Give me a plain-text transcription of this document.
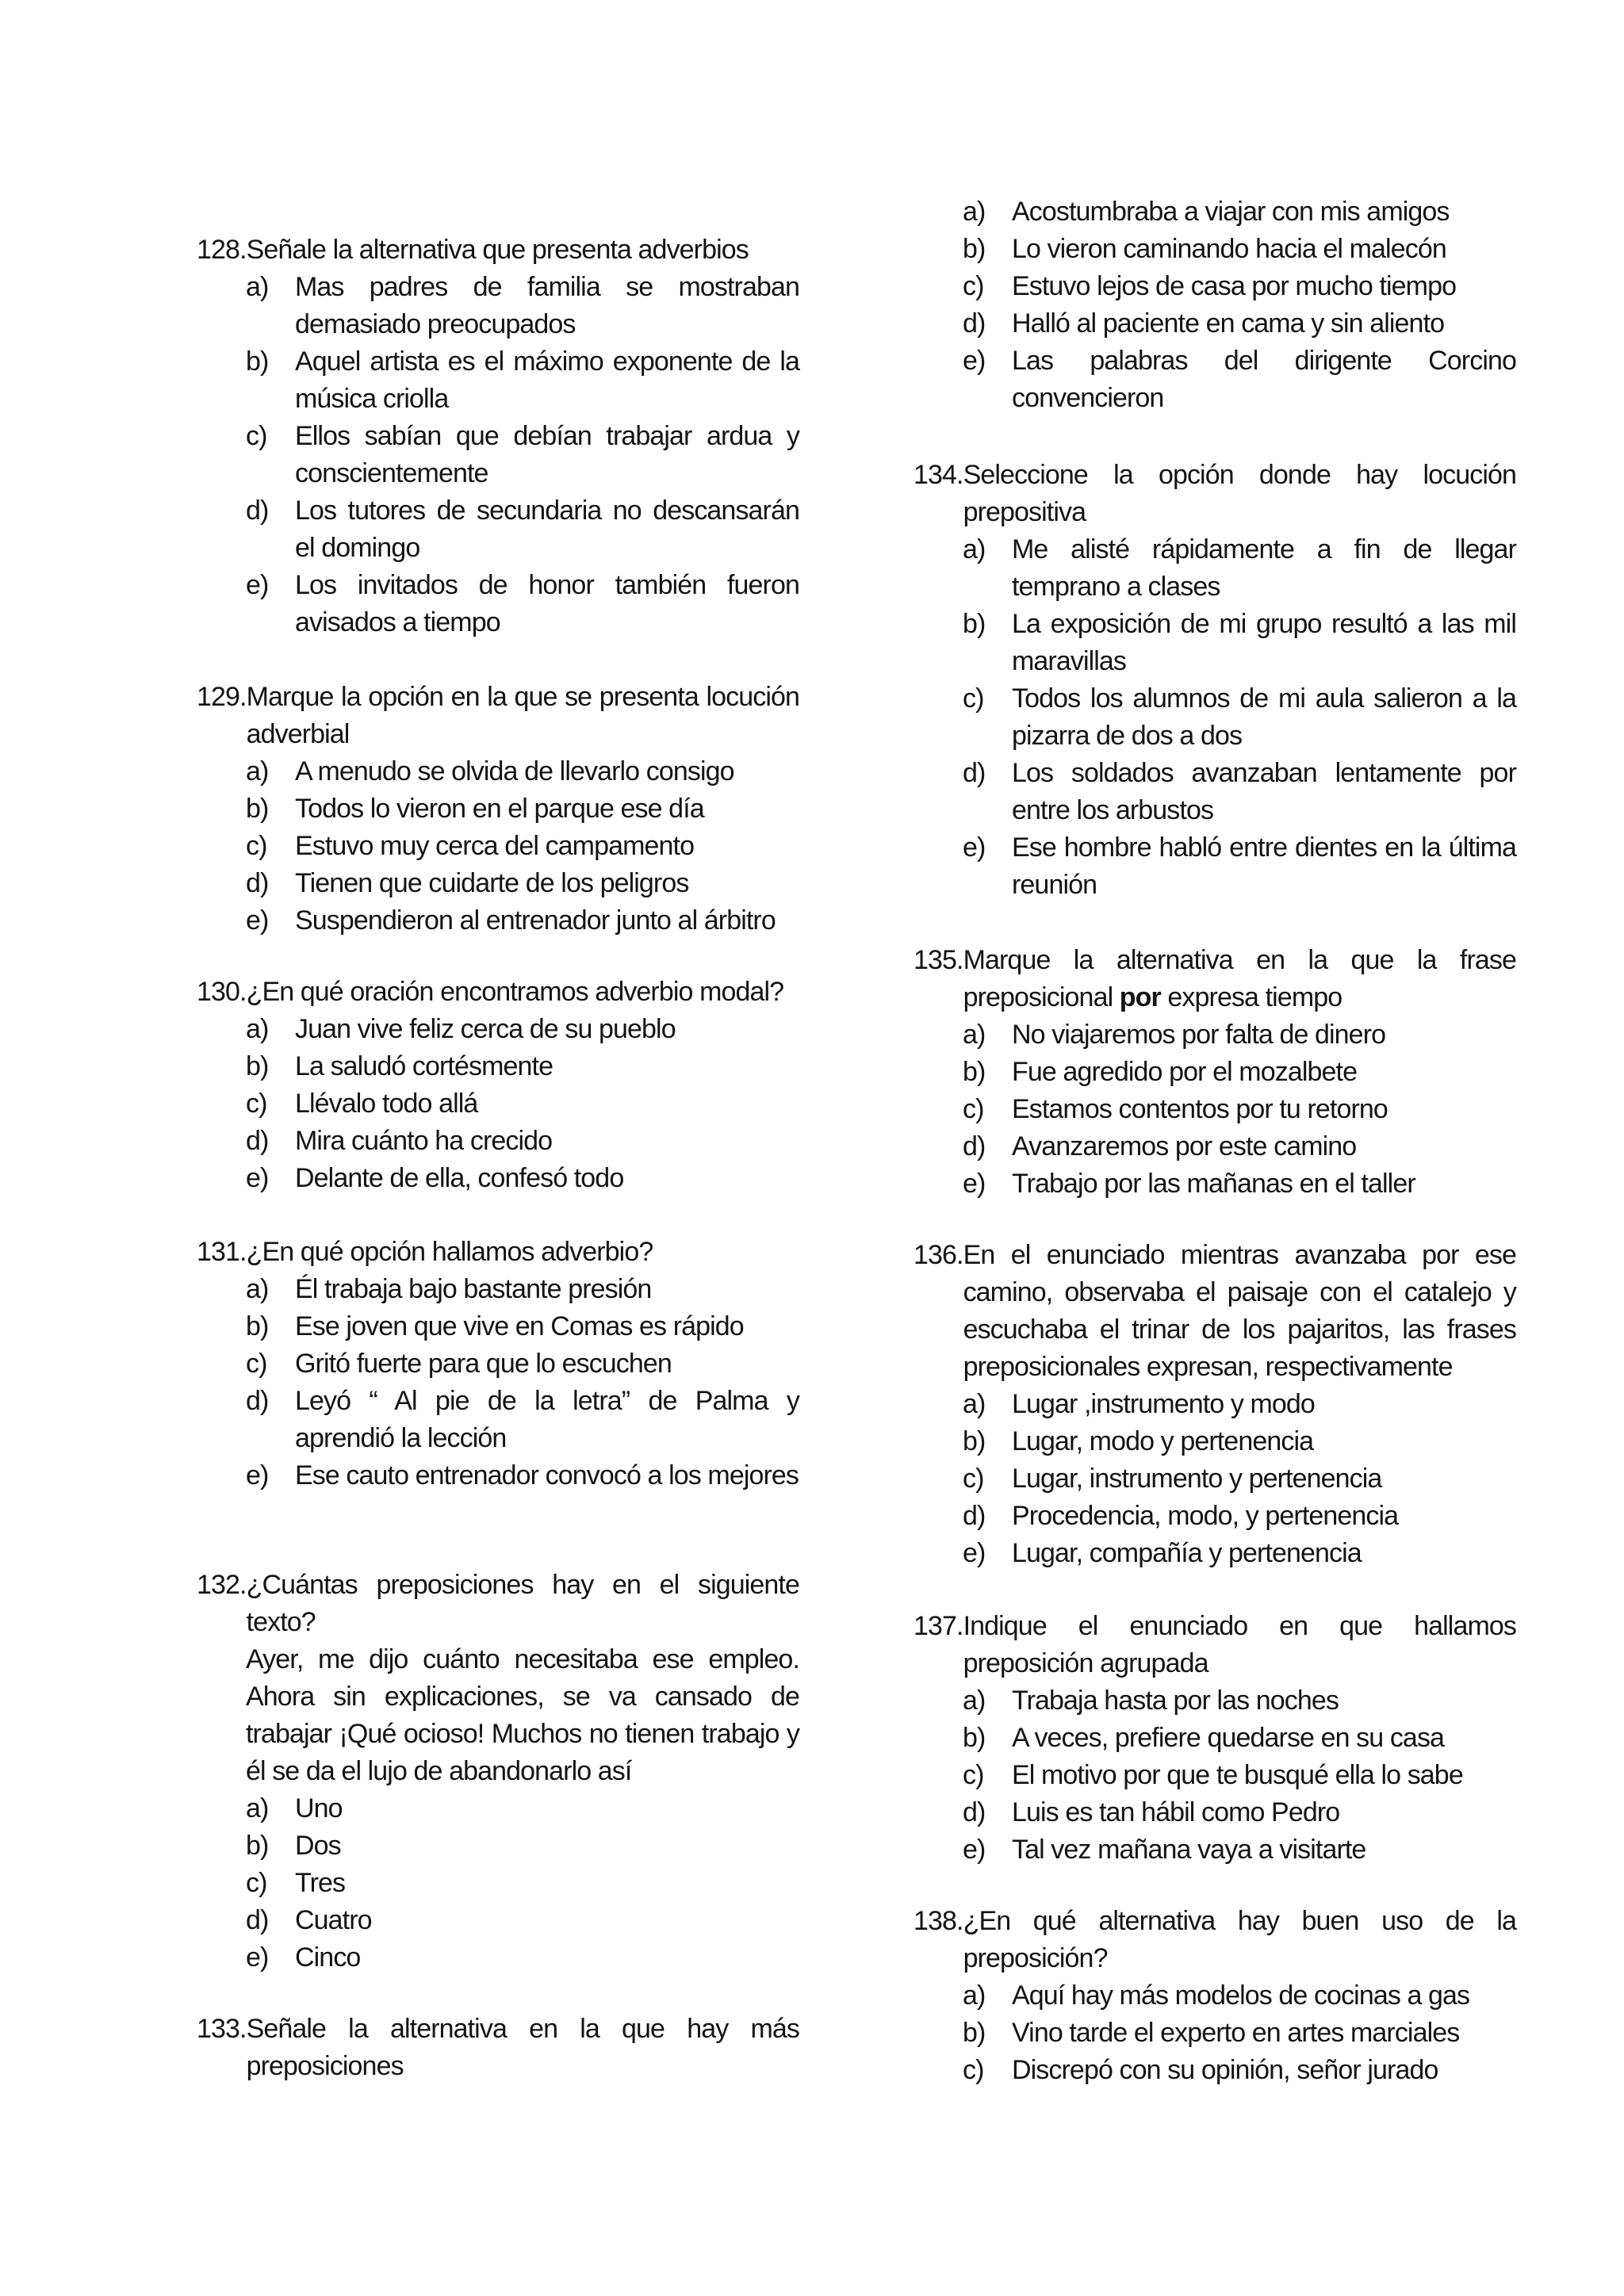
128. Señale la alternativa que presenta adverbios
a) Mas padres de familia se mostraban demasiado preocupados
b) Aquel artista es el máximo exponente de la música criolla
c)	Ellos sabían que debían trabajar ardua y conscientemente
d) Los tutores de secundaria no descansarán el domingo
e) Los invitados de honor también fueron avisados a tiempo
129. Marque la opción en la que se presenta locución adverbial
a) A menudo se olvida de llevarlo consigo
b) Todos lo vieron en el parque ese día
c)	Estuvo muy cerca del campamento
d) Tienen que cuidarte de los peligros
e) Suspendieron al entrenador junto al árbitro
130. ¿En qué oración encontramos adverbio modal?
a) Juan vive feliz cerca de su pueblo
b) La saludó cortésmente
c)	Llévalo todo allá
d) Mira cuánto ha crecido
e) Delante de ella, confesó todo
131. ¿En qué opción hallamos adverbio?
a) Él trabaja bajo bastante presión
b) Ese joven que vive en Comas es rápido
c)	Gritó fuerte para que lo escuchen
d) Leyó “ Al pie de la letra” de Palma y aprendió la lección
e) Ese cauto entrenador convocó a los mejores
132. ¿Cuántas preposiciones hay en el siguiente texto?
Ayer, me dijo cuánto necesitaba ese empleo. Ahora sin explicaciones, se va cansado de trabajar ¡Qué ocioso! Muchos no tienen trabajo y él se da el lujo de abandonarlo así
a) Uno
b) Dos
c)	Tres
d) Cuatro
e) Cinco
133. Señale la alternativa en la que hay más preposiciones
a) Acostumbraba a viajar con mis amigos
b) Lo vieron caminando hacia el malecón
c)	Estuvo lejos de casa por mucho tiempo
d) Halló al paciente en cama y sin aliento
e) Las palabras del dirigente Corcino convencieron
134. Seleccione la opción donde hay locución prepositiva
a) Me alisté rápidamente a fin de llegar temprano a clases
b) La exposición de mi grupo resultó a las mil maravillas
c)	Todos los alumnos de mi aula salieron a la pizarra de dos a dos
d) Los soldados avanzaban lentamente por entre los arbustos
e) Ese hombre habló entre dientes en la última reunión
135. Marque la alternativa en la que la frase preposicional por expresa tiempo
a) No viajaremos por falta de dinero
b) Fue agredido por el mozalbete
c)	Estamos contentos por tu retorno
d) Avanzaremos por este camino
e) Trabajo por las mañanas en el taller
136. En el enunciado mientras avanzaba por ese camino, observaba el paisaje con el catalejo y escuchaba el trinar de los pajaritos, las frases preposicionales expresan, respectivamente
a) Lugar ,instrumento y modo
b) Lugar, modo y pertenencia
c)	Lugar, instrumento y pertenencia
d) Procedencia, modo, y pertenencia
e) Lugar, compañía y pertenencia
137. Indique el enunciado en que hallamos preposición agrupada
a) Trabaja hasta por las noches
b) A veces, prefiere quedarse en su casa
c)	El motivo por que te busqué ella lo sabe
d) Luis es tan hábil como Pedro
e) Tal vez mañana vaya a visitarte
138. ¿En qué alternativa hay buen uso de la preposición?
a) Aquí hay más modelos de cocinas a gas
b) Vino tarde el experto en artes marciales
c)	Discrepó con su opinión, señor jurado
